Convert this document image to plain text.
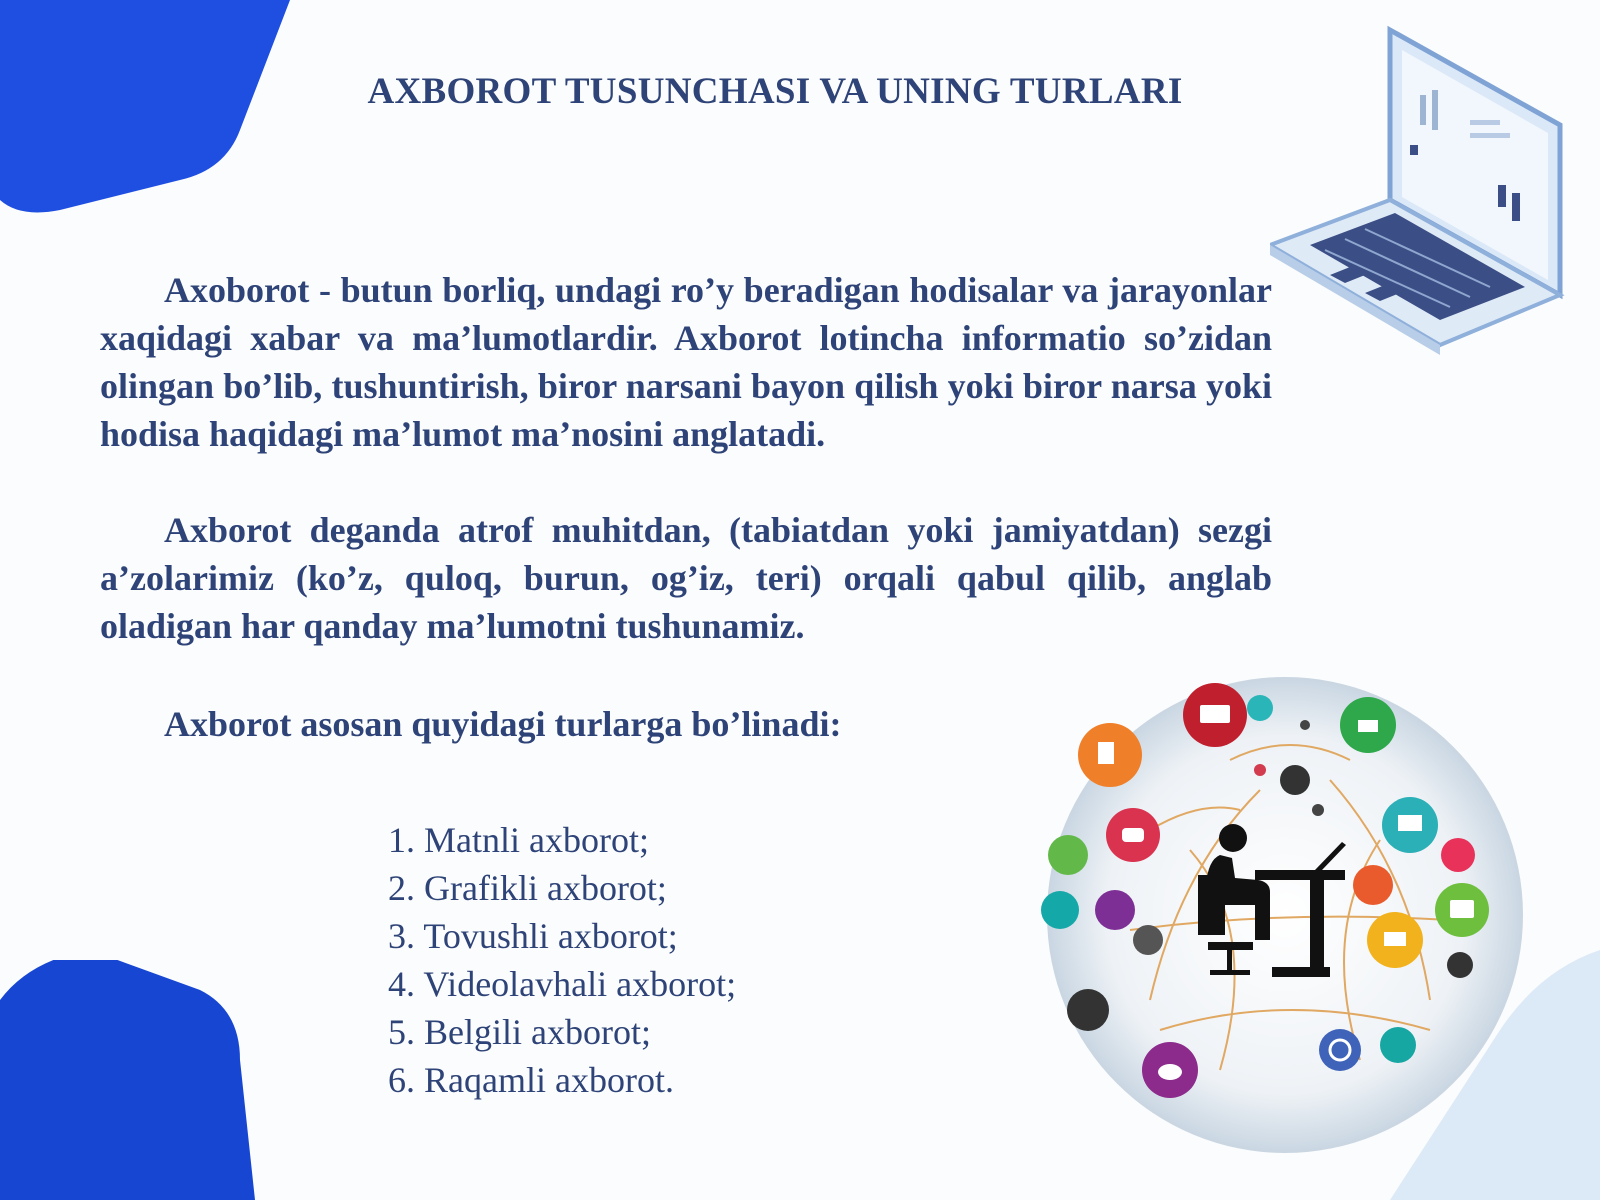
AXBOROT TUSUNCHASI VA UNING TURLARI
Axoborot - butun borliq, undagi ro’y beradigan hodisalar va jarayonlar xaqidagi xabar va ma’lumotlardir. Axborot lotincha informatio so’zidan olingan bo’lib, tushuntirish, biror narsani bayon qilish yoki biror narsa yoki hodisa haqidagi ma’lumot ma’nosini anglatadi.
Axborot deganda atrof muhitdan, (tabiatdan yoki jamiyatdan) sezgi a’zolarimiz (ko’z, quloq, burun, og’iz, teri) orqali qabul qilib, anglab oladigan har qanday ma’lumotni tushunamiz.
Axborot asosan quyidagi turlarga bo’linadi:
1. Matnli axborot;
2. Grafikli axborot;
3. Tovushli axborot;
4. Videolavhali axborot;
5. Belgili axborot;
6. Raqamli axborot.
